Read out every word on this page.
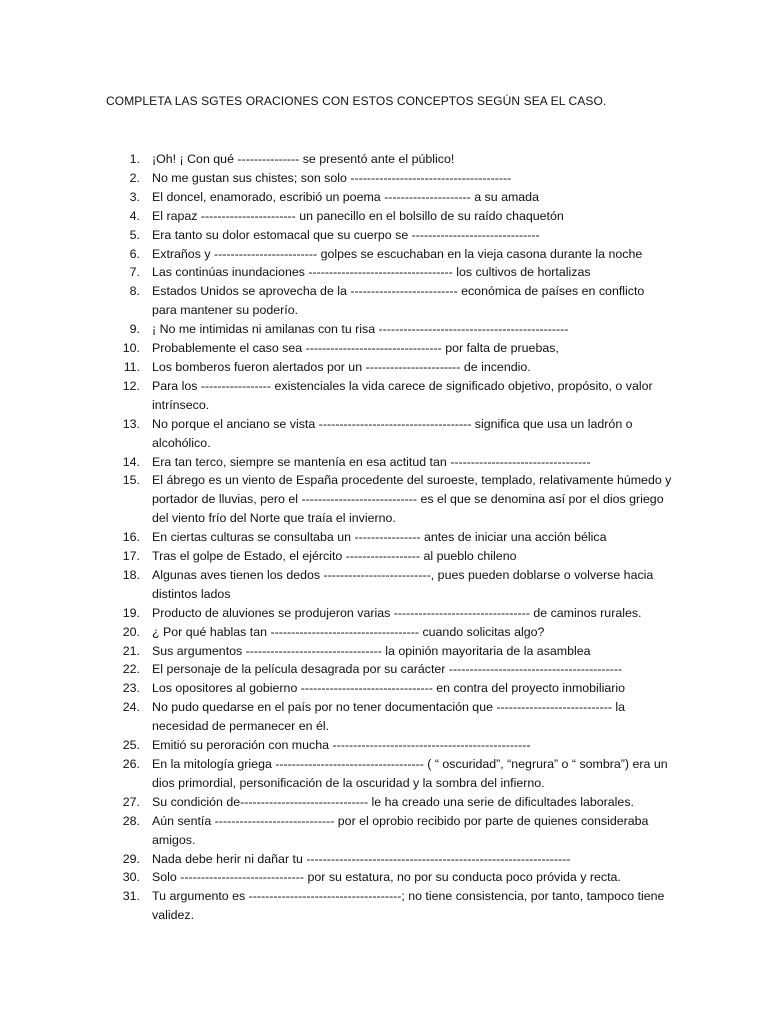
COMPLETA LAS SGTES ORACIONES CON ESTOS CONCEPTOS SEGÚN SEA EL CASO.
1. ¡Oh! ¡ Con qué --------------- se presentó ante el público!
2. No me gustan sus chistes; son solo ---------------------------------------
3. El doncel, enamorado, escribió un poema --------------------- a su amada
4. El rapaz ----------------------- un panecillo en el bolsillo de su raído chaquetón
5. Era tanto su dolor estomacal que su cuerpo se -------------------------------
6. Extraños y ------------------------- golpes se escuchaban en la vieja casona durante la noche
7. Las continúas inundaciones ----------------------------------- los cultivos de hortalizas
8. Estados Unidos se aprovecha de la -------------------------- económica de países en conflicto para mantener su poderío.
9. ¡ No me intimidas ni amilanas con tu risa ----------------------------------------------
10. Probablemente el caso sea --------------------------------- por falta de pruebas,
11. Los bomberos fueron alertados por un ----------------------- de incendio.
12. Para los ----------------- existenciales la vida carece de significado objetivo, propósito, o valor intrínseco.
13. No porque el anciano se vista ------------------------------------- significa que usa un ladrón o alcohólico.
14. Era tan terco, siempre se mantenía en esa actitud tan ----------------------------------
15. El ábrego es un viento de España procedente del suroeste, templado, relativamente húmedo y portador de lluvias, pero el ---------------------------- es el que se denomina así por el dios griego del viento frío del Norte que traía el invierno.
16. En ciertas culturas se consultaba un ---------------- antes de iniciar una acción bélica
17. Tras el golpe de Estado, el ejército ------------------ al pueblo chileno
18. Algunas aves tienen los dedos --------------------------, pues pueden doblarse o volverse hacia distintos lados
19. Producto de aluviones se produjeron varias --------------------------------- de caminos rurales.
20. ¿ Por qué hablas tan ------------------------------------ cuando solicitas algo?
21. Sus argumentos --------------------------------- la opinión mayoritaria de la asamblea
22. El personaje de la película desagrada por su carácter ------------------------------------------
23. Los opositores al gobierno -------------------------------- en contra del proyecto inmobiliario
24. No pudo quedarse en el país por no tener documentación que ---------------------------- la necesidad de permanecer en él.
25. Emitió su peroración con mucha ------------------------------------------------
26. En la mitología griega ------------------------------------ ( “ oscuridad”, “negrura” o “ sombra”) era un dios primordial, personificación de la oscuridad y la sombra del infierno.
27. Su condición de------------------------------- le ha creado una serie de dificultades laborales.
28. Aún sentía ----------------------------- por el oprobio recibido por parte de quienes consideraba amigos.
29. Nada debe herir ni dañar tu ----------------------------------------------------------------
30. Solo ------------------------------ por su estatura, no por su conducta poco próvida y recta.
31. Tu argumento es -------------------------------------; no tiene consistencia, por tanto, tampoco tiene validez.
